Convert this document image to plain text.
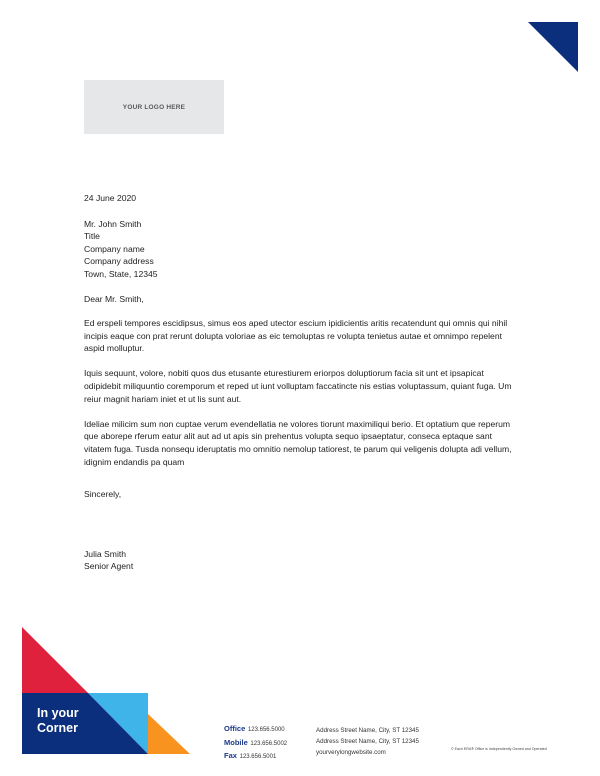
YOUR LOGO HERE

24 June 2020

Mr. John Smith
Title
Company name
Company address
Town, State, 12345

Dear Mr. Smith,

Ed erspeli tempores escidipsus, simus eos aped utector escium ipidicientis aritis recatendunt qui omnis qui nihil incipis eaque con prat rerunt dolupta voloriae as eic temoluptas re volupta tenietus autae et omnimpo repelent aspid molluptur.

Iquis sequunt, volore, nobiti quos dus etusante eturestiurem eriorpos doluptiorum facia sit unt et ipsapicat odipidebit miliquuntio coremporum et reped ut iunt volluptam faccatincte nis estias voluptassum, quiant fuga. Um reiur magnit hariam iniet et ut lis sunt aut.

Ideliae milicim sum non cuptae verum evendellatia ne volores tiorunt maximiliqui berio. Et optatium que reperum que aborepe rferum eatur alit aut ad ut apis sin prehentus volupta sequo ipsaeptatur, conseca eptaque sant vitatem fuga. Tusda nonsequ ideruptatis mo omnitio nemolup tatiorest, te parum qui veligenis dolupta adi vellum, idignim endandis pa quam

Sincerely,

Julia Smith
Senior Agent

In your
Corner	Office 123.656.5000
Mobile 123.656.5002
Fax 123.656.5001
Address Street Name, City, ST 12345
Address Street Name, City, ST 12345
yourverylongwebsite.com
© Each ERA® Office is Independently Owned and Operated
